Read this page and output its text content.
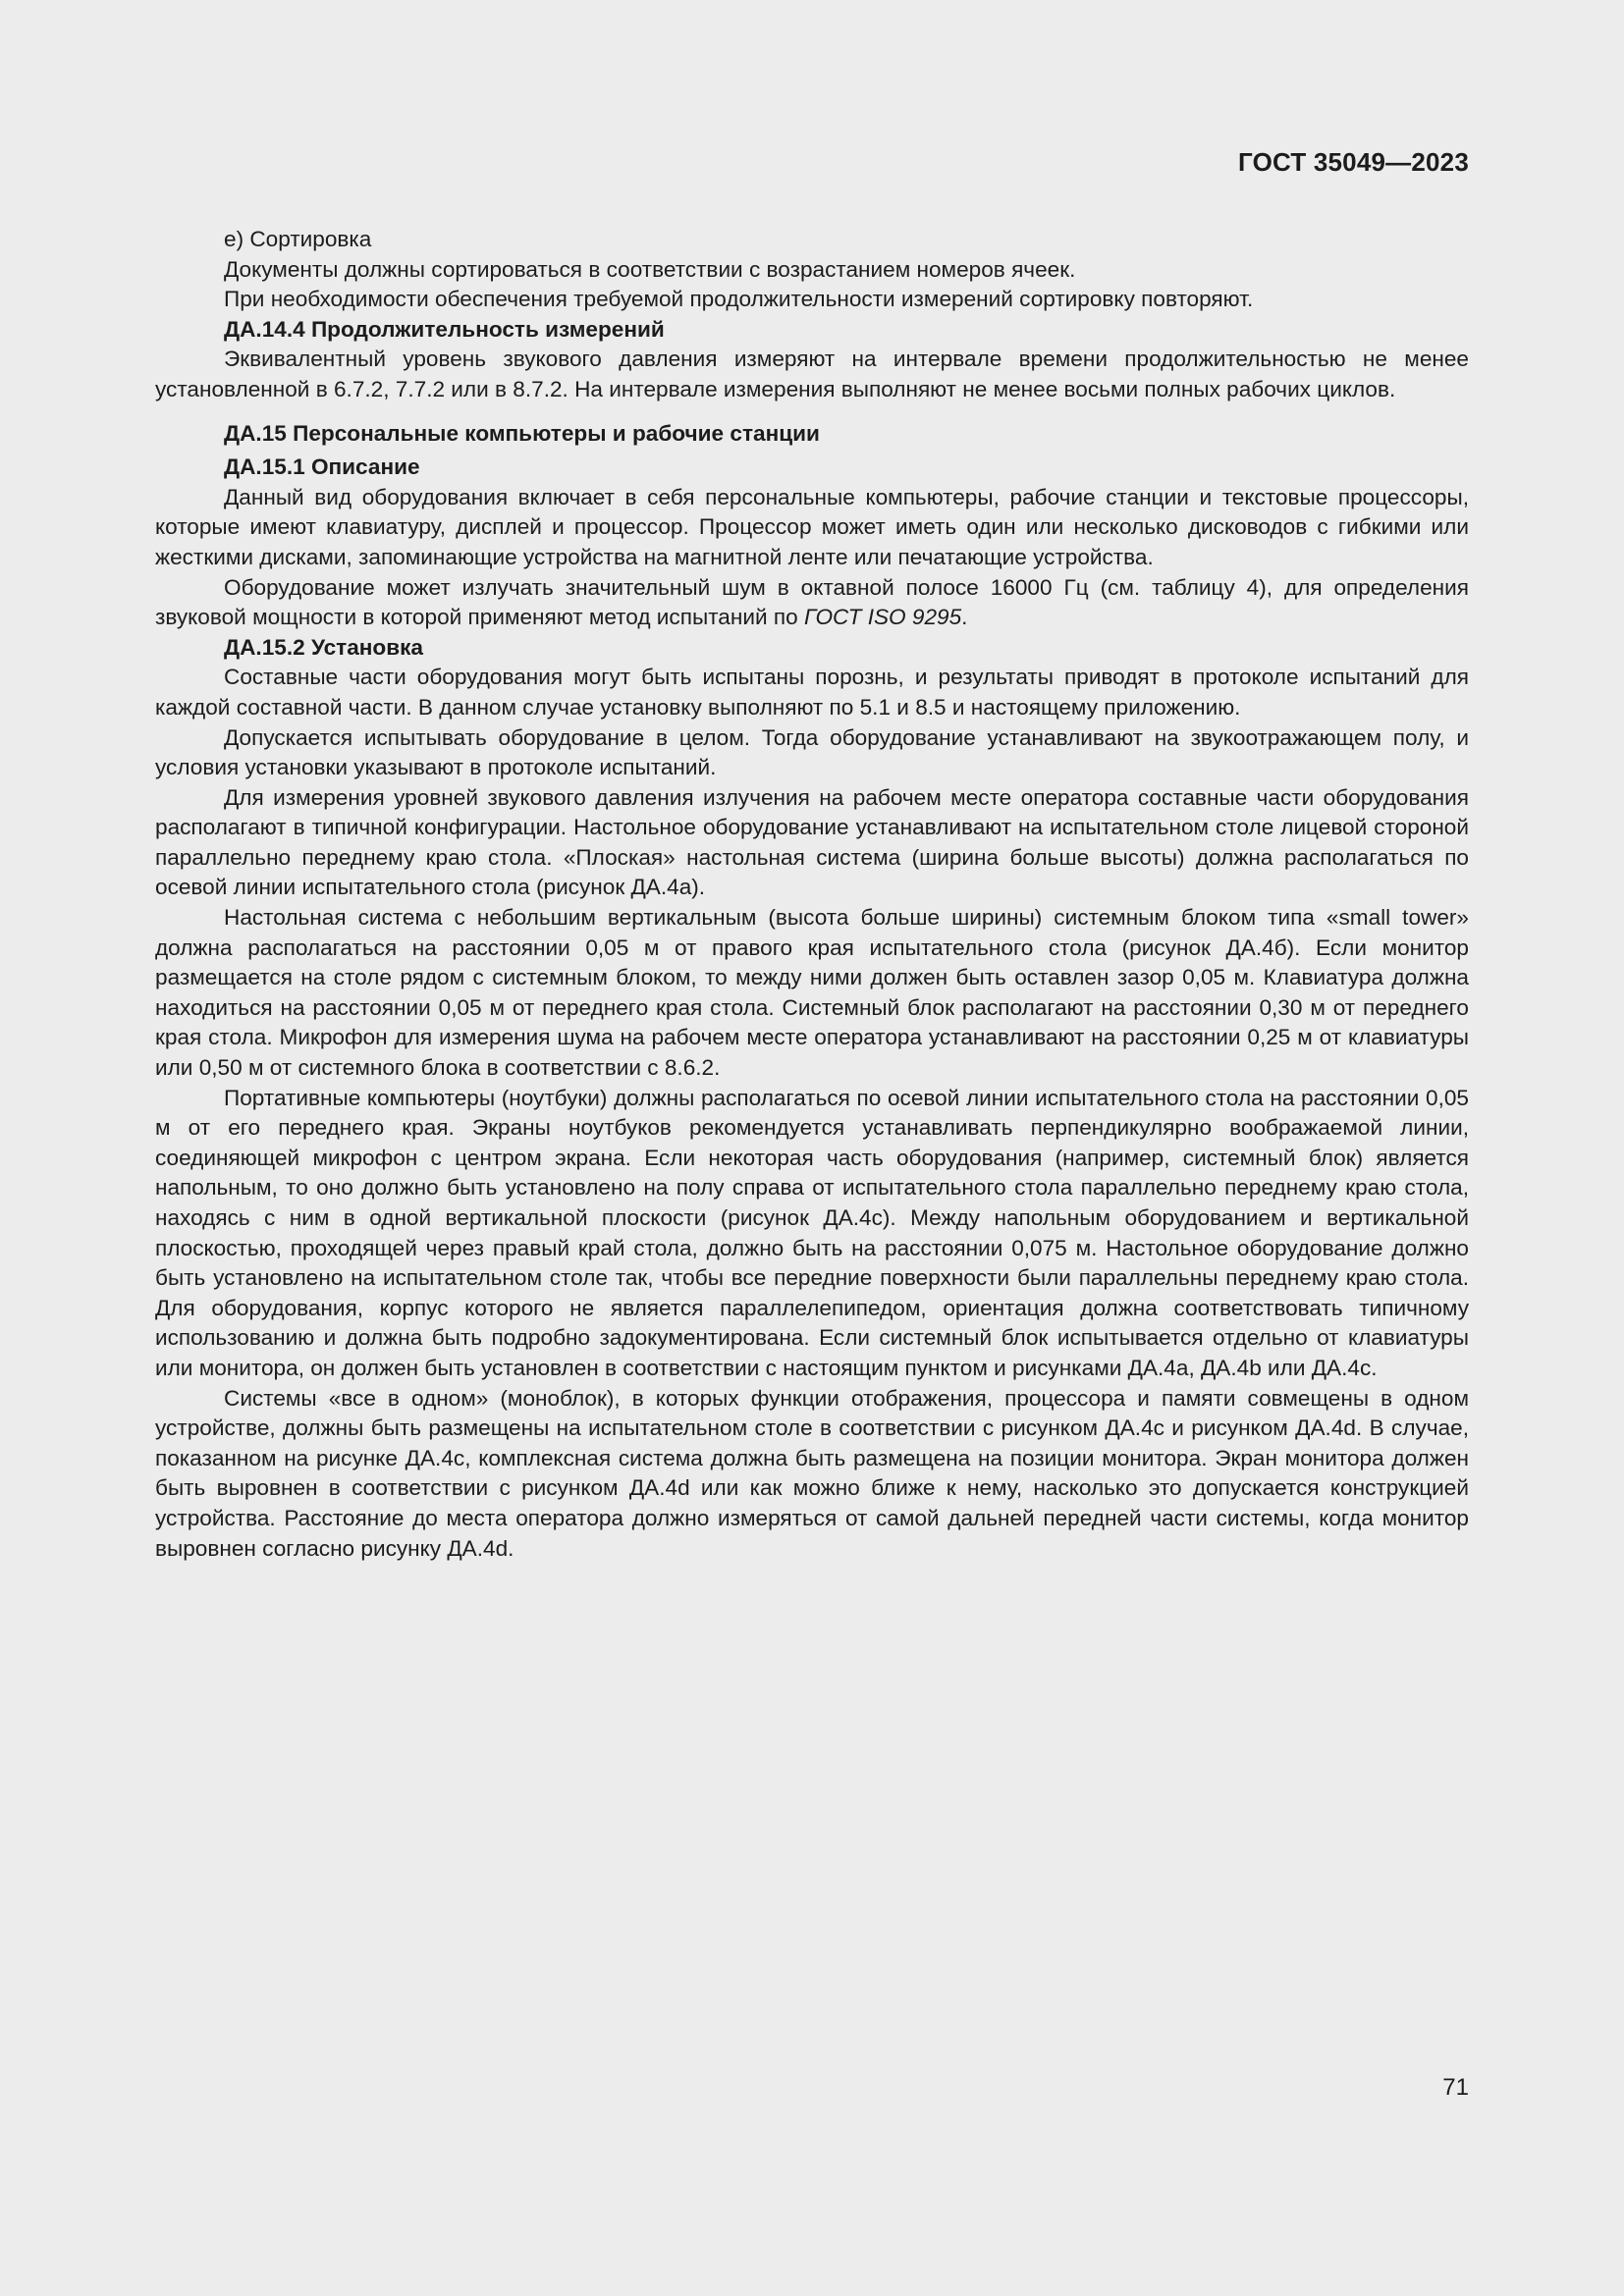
ГОСТ 35049—2023

е) Сортировка

Документы должны сортироваться в соответствии с возрастанием номеров ячеек.

При необходимости обеспечения требуемой продолжительности измерений сортировку повторяют.

ДА.14.4 Продолжительность измерений

Эквивалентный уровень звукового давления измеряют на интервале времени продолжительностью не менее установленной в 6.7.2, 7.7.2 или в 8.7.2. На интервале измерения выполняют не менее восьми полных рабочих циклов.

ДА.15 Персональные компьютеры и рабочие станции
ДА.15.1 Описание

Данный вид оборудования включает в себя персональные компьютеры, рабочие станции и текстовые процессоры, которые имеют клавиатуру, дисплей и процессор. Процессор может иметь один или несколько дисководов с гибкими или жесткими дисками, запоминающие устройства на магнитной ленте или печатающие устройства.

Оборудование может излучать значительный шум в октавной полосе 16000 Гц (см. таблицу 4), для определения звуковой мощности в которой применяют метод испытаний по ГОСТ ISO 9295.

ДА.15.2 Установка

Составные части оборудования могут быть испытаны порознь, и результаты приводят в протоколе испытаний для каждой составной части. В данном случае установку выполняют по 5.1 и 8.5 и настоящему приложению.

Допускается испытывать оборудование в целом. Тогда оборудование устанавливают на звукоотражающем полу, и условия установки указывают в протоколе испытаний.

Для измерения уровней звукового давления излучения на рабочем месте оператора составные части оборудования располагают в типичной конфигурации. Настольное оборудование устанавливают на испытательном столе лицевой стороной параллельно переднему краю стола. «Плоская» настольная система (ширина больше высоты) должна располагаться по осевой линии испытательного стола (рисунок ДА.4а).

Настольная система с небольшим вертикальным (высота больше ширины) системным блоком типа «small tower» должна располагаться на расстоянии 0,05 м от правого края испытательного стола (рисунок ДА.4б). Если монитор размещается на столе рядом с системным блоком, то между ними должен быть оставлен зазор 0,05 м. Клавиатура должна находиться на расстоянии 0,05 м от переднего края стола. Системный блок располагают на расстоянии 0,30 м от переднего края стола. Микрофон для измерения шума на рабочем месте оператора устанавливают на расстоянии 0,25 м от клавиатуры или 0,50 м от системного блока в соответствии с 8.6.2.

Портативные компьютеры (ноутбуки) должны располагаться по осевой линии испытательного стола на расстоянии 0,05 м от его переднего края. Экраны ноутбуков рекомендуется устанавливать перпендикулярно воображаемой линии, соединяющей микрофон с центром экрана. Если некоторая часть оборудования (например, системный блок) является напольным, то оно должно быть установлено на полу справа от испытательного стола параллельно переднему краю стола, находясь с ним в одной вертикальной плоскости (рисунок ДА.4с). Между напольным оборудованием и вертикальной плоскостью, проходящей через правый край стола, должно быть на расстоянии 0,075 м. Настольное оборудование должно быть установлено на испытательном столе так, чтобы все передние поверхности были параллельны переднему краю стола. Для оборудования, корпус которого не является параллелепипедом, ориентация должна соответствовать типичному использованию и должна быть подробно задокументирована. Если системный блок испытывается отдельно от клавиатуры или монитора, он должен быть установлен в соответствии с настоящим пунктом и рисунками ДА.4а, ДА.4b или ДА.4с.

Системы «все в одном» (моноблок), в которых функции отображения, процессора и памяти совмещены в одном устройстве, должны быть размещены на испытательном столе в соответствии с рисунком ДА.4с и рисунком ДА.4d. В случае, показанном на рисунке ДА.4с, комплексная система должна быть размещена на позиции монитора. Экран монитора должен быть выровнен в соответствии с рисунком ДА.4d или как можно ближе к нему, насколько это допускается конструкцией устройства. Расстояние до места оператора должно измеряться от самой дальней передней части системы, когда монитор выровнен согласно рисунку ДА.4d.

71
